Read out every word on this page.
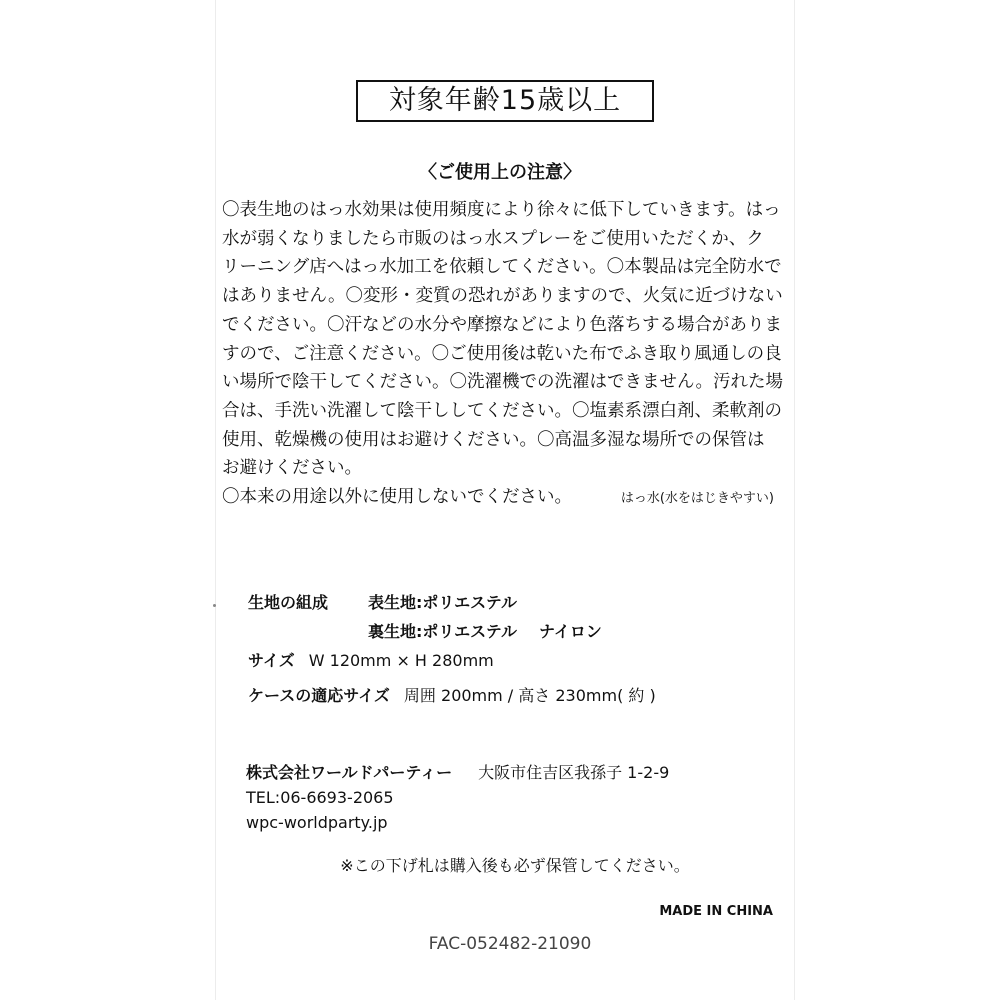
対象年齢15歳以上
〈ご使用上の注意〉
〇表生地のはっ水効果は使用頻度により徐々に低下していきます。はっ
水が弱くなりましたら市販のはっ水スプレーをご使用いただくか、ク
リーニング店へはっ水加工を依頼してください。〇本製品は完全防水で
はありません。〇変形・変質の恐れがありますので、火気に近づけない
でください。〇汗などの水分や摩擦などにより色落ちする場合がありま
すので、ご注意ください。〇ご使用後は乾いた布でふき取り風通しの良
い場所で陰干してください。〇洗濯機での洗濯はできません。汚れた場
合は、手洗い洗濯して陰干ししてください。〇塩素系漂白剤、柔軟剤の
使用、乾燥機の使用はお避けください。〇高温多湿な場所での保管は
お避けください。
〇本来の用途以外に使用しないでください。	はっ水(水をはじきやすい)
生地の組成 表生地:ポリエステル
裏生地:ポリエステル ナイロン
サイズ W 120mm × H 280mm
ケースの適応サイズ 周囲 200mm / 高さ 230mm( 約 )
株式会社ワールドパーティー 大阪市住吉区我孫子 1-2-9
TEL:06-6693-2065
wpc-worldparty.jp
※この下げ札は購入後も必ず保管してください。
MADE IN CHINA
FAC-052482-21090
